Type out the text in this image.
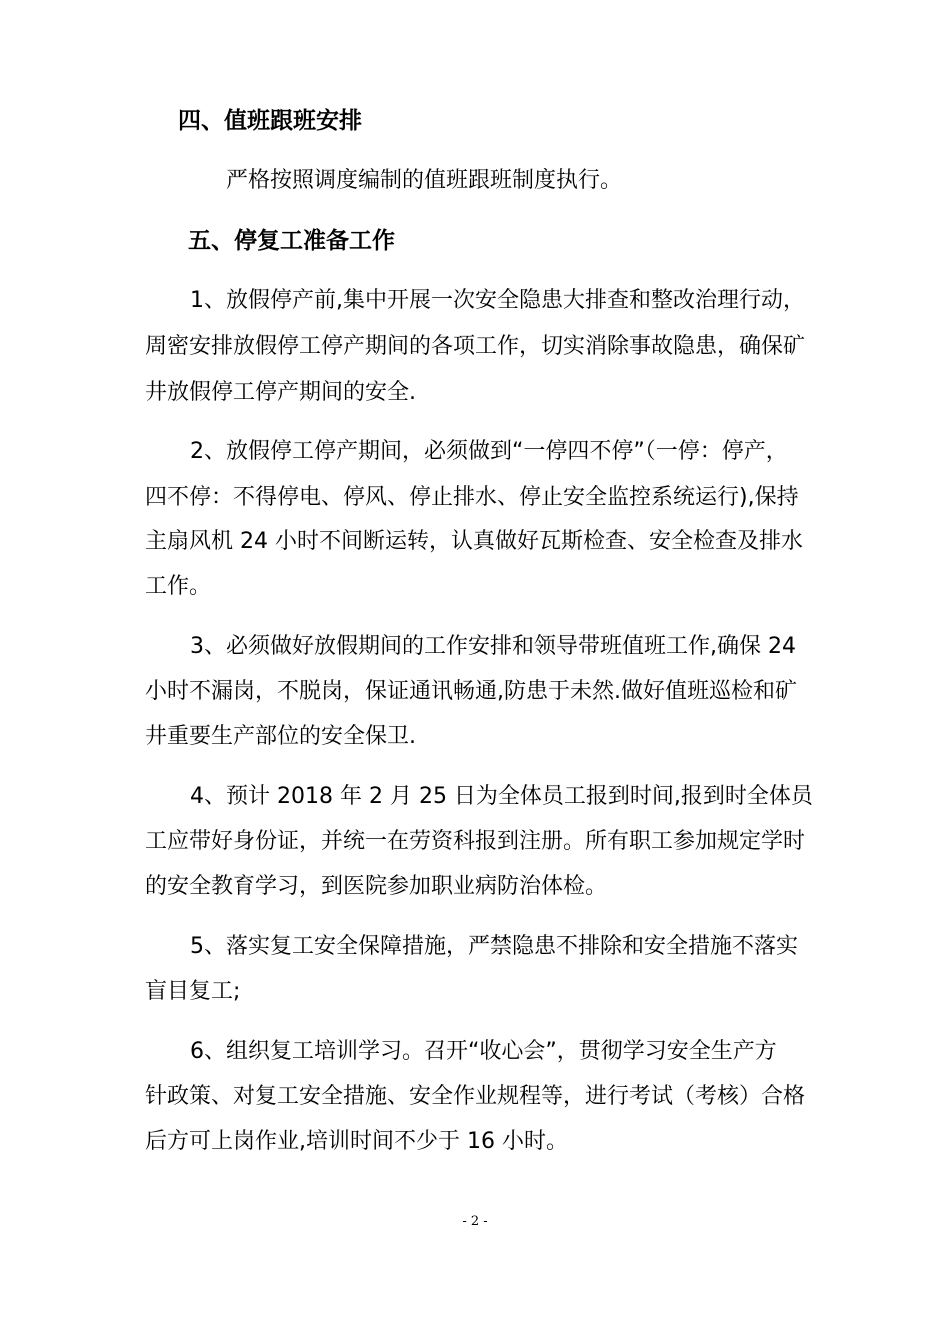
四、值班跟班安排

严格按照调度编制的值班跟班制度执行。

五、停复工准备工作

1、放假停产前,集中开展一次安全隐患大排查和整改治理行动，

周密安排放假停工停产期间的各项工作，切实消除事故隐患，确保矿

井放假停工停产期间的安全.

2、放假停工停产期间，必须做到“一停四不停”（一停：停产，

四不停：不得停电、停风、停止排水、停止安全监控系统运行),保持

主扇风机 24 小时不间断运转，认真做好瓦斯检查、安全检查及排水

工作。

3、必须做好放假期间的工作安排和领导带班值班工作,确保 24

小时不漏岗，不脱岗，保证通讯畅通,防患于未然.做好值班巡检和矿

井重要生产部位的安全保卫.

4、预计 2018 年 2 月 25 日为全体员工报到时间,报到时全体员

工应带好身份证，并统一在劳资科报到注册。所有职工参加规定学时

的安全教育学习，到医院参加职业病防治体检。

5、落实复工安全保障措施，严禁隐患不排除和安全措施不落实

盲目复工;

6、组织复工培训学习。召开“收心会”，贯彻学习安全生产方

针政策、对复工安全措施、安全作业规程等，进行考试（考核）合格

后方可上岗作业,培训时间不少于 16 小时。

- 2 -
